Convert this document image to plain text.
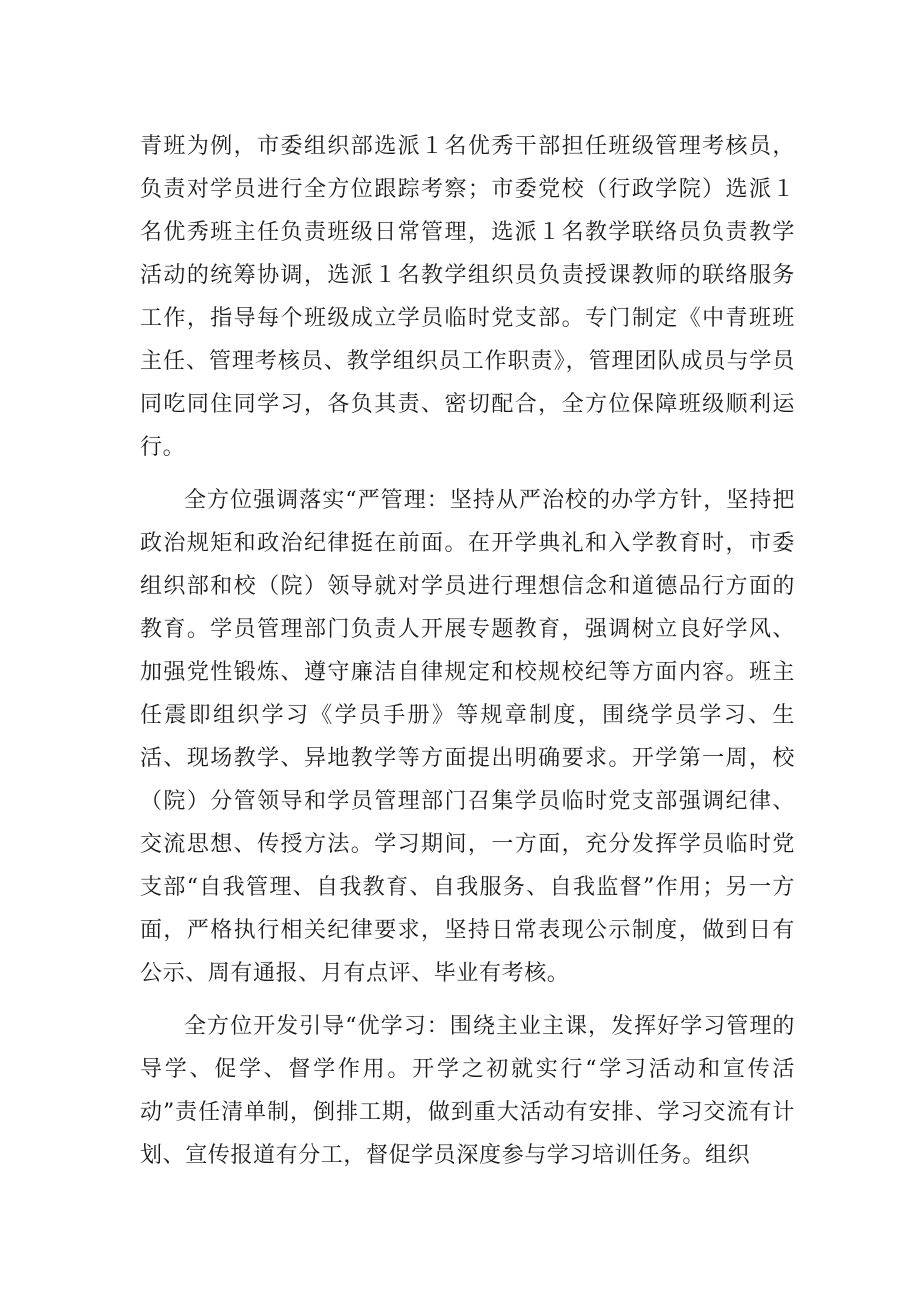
青班为例，市委组织部选派１名优秀干部担任班级管理考核员，负责对学员进行全方位跟踪考察；市委党校（行政学院）选派１名优秀班主任负责班级日常管理，选派１名教学联络员负责教学活动的统筹协调，选派１名教学组织员负责授课教师的联络服务工作，指导每个班级成立学员临时党支部。专门制定《中青班班主任、管理考核员、教学组织员工作职责》，管理团队成员与学员同吃同住同学习，各负其责、密切配合，全方位保障班级顺利运行。

全方位强调落实“严管理：坚持从严治校的办学方针，坚持把政治规矩和政治纪律挺在前面。在开学典礼和入学教育时，市委组织部和校（院）领导就对学员进行理想信念和道德品行方面的教育。学员管理部门负责人开展专题教育，强调树立良好学风、加强党性锻炼、遵守廉洁自律规定和校规校纪等方面内容。班主任震即组织学习《学员手册》等规章制度，围绕学员学习、生活、现场教学、异地教学等方面提出明确要求。开学第一周，校（院）分管领导和学员管理部门召集学员临时党支部强调纪律、交流思想、传授方法。学习期间，一方面，充分发挥学员临时党支部“自我管理、自我教育、自我服务、自我监督”作用；另一方面，严格执行相关纪律要求，坚持日常表现公示制度，做到日有公示、周有通报、月有点评、毕业有考核。

全方位开发引导“优学习：围绕主业主课，发挥好学习管理的导学、促学、督学作用。开学之初就实行“学习活动和宣传活动”责任清单制，倒排工期，做到重大活动有安排、学习交流有计划、宣传报道有分工，督促学员深度参与学习培训任务。组织
